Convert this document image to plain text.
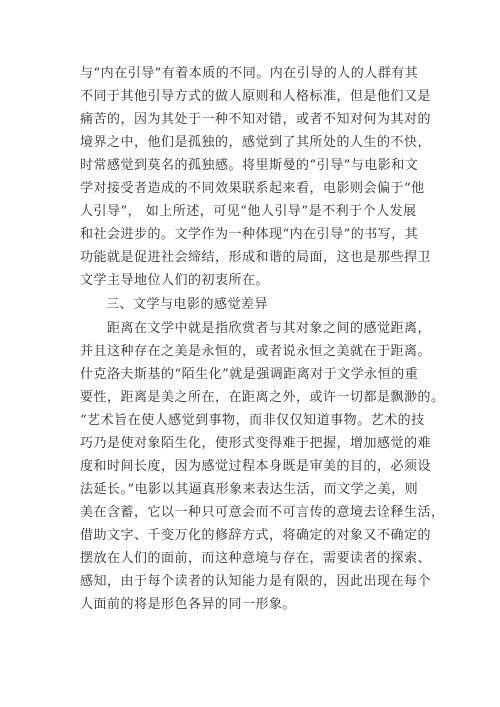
与“内在引导”有着本质的不同。内在引导的人的人群有其
不同于其他引导方式的做人原则和人格标准，但是他们又是
痛苦的，因为其处于一种不知对错，或者不知对何为其对的
境界之中，他们是孤独的，感觉到了其所处的人生的不快，
时常感觉到莫名的孤独感。将里斯曼的“引导”与电影和文
学对接受者造成的不同效果联系起来看，电影则会偏于“他
人引导”， 如上所述，可见“他人引导”是不利于个人发展
和社会进步的。文学作为一种体现“内在引导”的书写，其
功能就是促进社会缔结，形成和谐的局面，这也是那些捍卫
文学主导地位人们的初衷所在。
三、文学与电影的感觉差异
　　距离在文学中就是指欣赏者与其对象之间的感觉距离，
并且这种存在之美是永恒的，或者说永恒之美就在于距离。
什克洛夫斯基的“陌生化”就是强调距离对于文学永恒的重
要性，距离是美之所在，在距离之外，或许一切都是飘渺的。
“艺术旨在使人感觉到事物，而非仅仅知道事物。艺术的技
巧乃是使对象陌生化，使形式变得难于把握，增加感觉的难
度和时间长度，因为感觉过程本身既是审美的目的，必须设
法延长。”电影以其逼真形象来表达生活，而文学之美，则
美在含蓄，它以一种只可意会而不可言传的意境去诠释生活，
借助文字、千变万化的修辞方式，将确定的对象又不确定的
摆放在人们的面前，而这种意境与存在，需要读者的探索、
感知，由于每个读者的认知能力是有限的，因此出现在每个
人面前的将是形色各异的同一形象。
